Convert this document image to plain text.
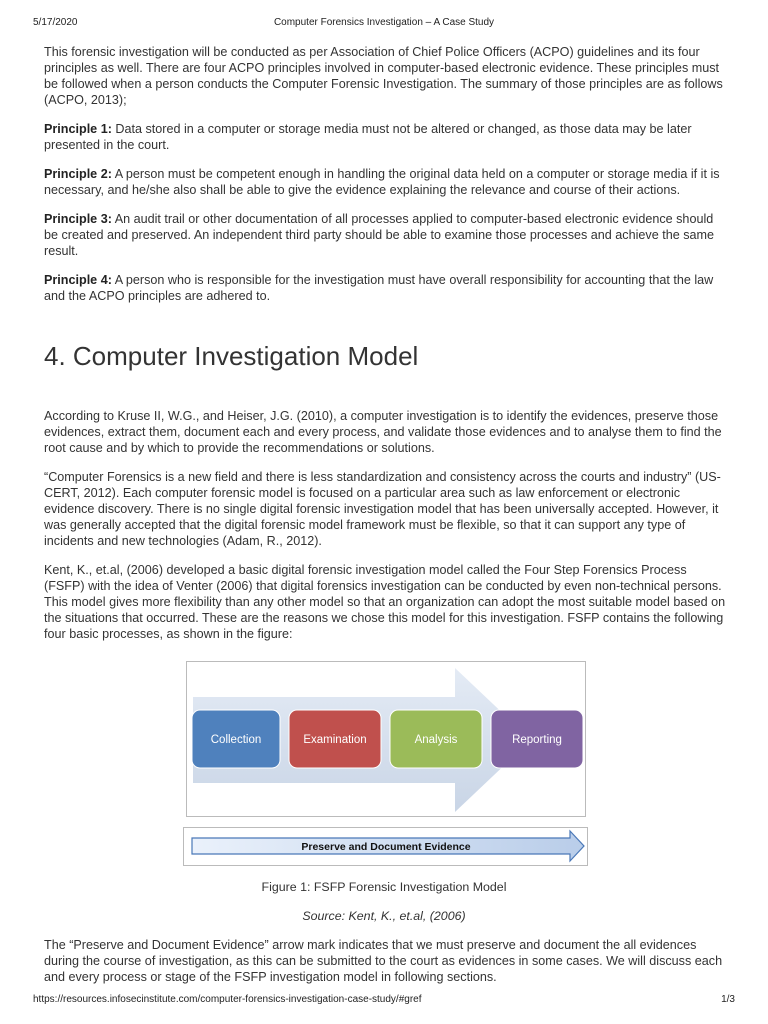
5/17/2020	Computer Forensics Investigation – A Case Study

This forensic investigation will be conducted as per Association of Chief Police Officers (ACPO) guidelines and its four principles as well. There are four ACPO principles involved in computer-based electronic evidence. These principles must be followed when a person conducts the Computer Forensic Investigation. The summary of those principles are as follows (ACPO, 2013);

Principle 1: Data stored in a computer or storage media must not be altered or changed, as those data may be later presented in the court.

Principle 2: A person must be competent enough in handling the original data held on a computer or storage media if it is necessary, and he/she also shall be able to give the evidence explaining the relevance and course of their actions.

Principle 3: An audit trail or other documentation of all processes applied to computer-based electronic evidence should be created and preserved. An independent third party should be able to examine those processes and achieve the same result.

Principle 4: A person who is responsible for the investigation must have overall responsibility for accounting that the law and the ACPO principles are adhered to.

4. Computer Investigation Model

According to Kruse II, W.G., and Heiser, J.G. (2010), a computer investigation is to identify the evidences, preserve those evidences, extract them, document each and every process, and validate those evidences and to analyse them to find the root cause and by which to provide the recommendations or solutions.

“Computer Forensics is a new field and there is less standardization and consistency across the courts and industry” (US-CERT, 2012). Each computer forensic model is focused on a particular area such as law enforcement or electronic evidence discovery. There is no single digital forensic investigation model that has been universally accepted. However, it was generally accepted that the digital forensic model framework must be flexible, so that it can support any type of incidents and new technologies (Adam, R., 2012).

Kent, K., et.al, (2006) developed a basic digital forensic investigation model called the Four Step Forensics Process (FSFP) with the idea of Venter (2006) that digital forensics investigation can be conducted by even non-technical persons. This model gives more flexibility than any other model so that an organization can adopt the most suitable model based on the situations that occurred. These are the reasons we chose this model for this investigation. FSFP contains the following four basic processes, as shown in the figure:

Collection	Examination	Analysis	Reporting
Preserve and Document Evidence
Figure 1: FSFP Forensic Investigation Model
Source: Kent, K., et.al, (2006)

The “Preserve and Document Evidence” arrow mark indicates that we must preserve and document the all evidences during the course of investigation, as this can be submitted to the court as evidences in some cases. We will discuss each and every process or stage of the FSFP investigation model in following sections.

https://resources.infosecinstitute.com/computer-forensics-investigation-case-study/#gref	1/3
